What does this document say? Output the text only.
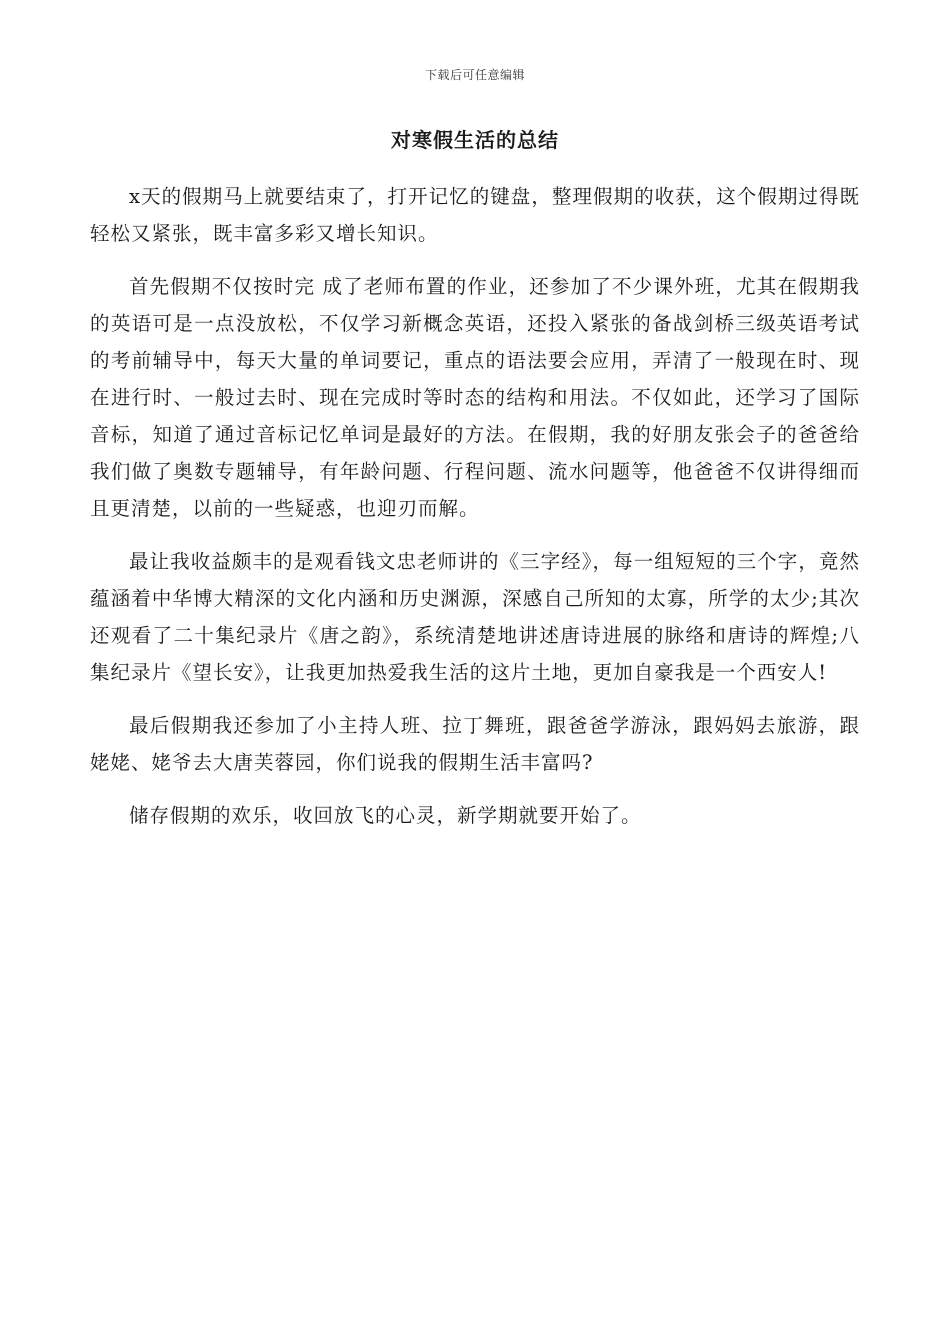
下载后可任意编辑
对寒假生活的总结

x天的假期马上就要结束了，打开记忆的键盘，整理假期的收获，这个假期过得既轻松又紧张，既丰富多彩又增长知识。

首先假期不仅按时完 成了老师布置的作业，还参加了不少课外班，尤其在假期我的英语可是一点没放松，不仅学习新概念英语，还投入紧张的备战剑桥三级英语考试的考前辅导中，每天大量的单词要记，重点的语法要会应用，弄清了一般现在时、现在进行时、一般过去时、现在完成时等时态的结构和用法。不仅如此，还学习了国际音标，知道了通过音标记忆单词是最好的方法。在假期，我的好朋友张会子的爸爸给我们做了奥数专题辅导，有年龄问题、行程问题、流水问题等，他爸爸不仅讲得细而且更清楚，以前的一些疑惑，也迎刃而解。

最让我收益颇丰的是观看钱文忠老师讲的《三字经》，每一组短短的三个字，竟然蕴涵着中华博大精深的文化内涵和历史渊源，深感自己所知的太寡，所学的太少;其次还观看了二十集纪录片《唐之韵》，系统清楚地讲述唐诗进展的脉络和唐诗的辉煌;八集纪录片《望长安》，让我更加热爱我生活的这片土地，更加自豪我是一个西安人!

最后假期我还参加了小主持人班、拉丁舞班，跟爸爸学游泳，跟妈妈去旅游，跟姥姥、姥爷去大唐芙蓉园，你们说我的假期生活丰富吗?

储存假期的欢乐，收回放飞的心灵，新学期就要开始了。
